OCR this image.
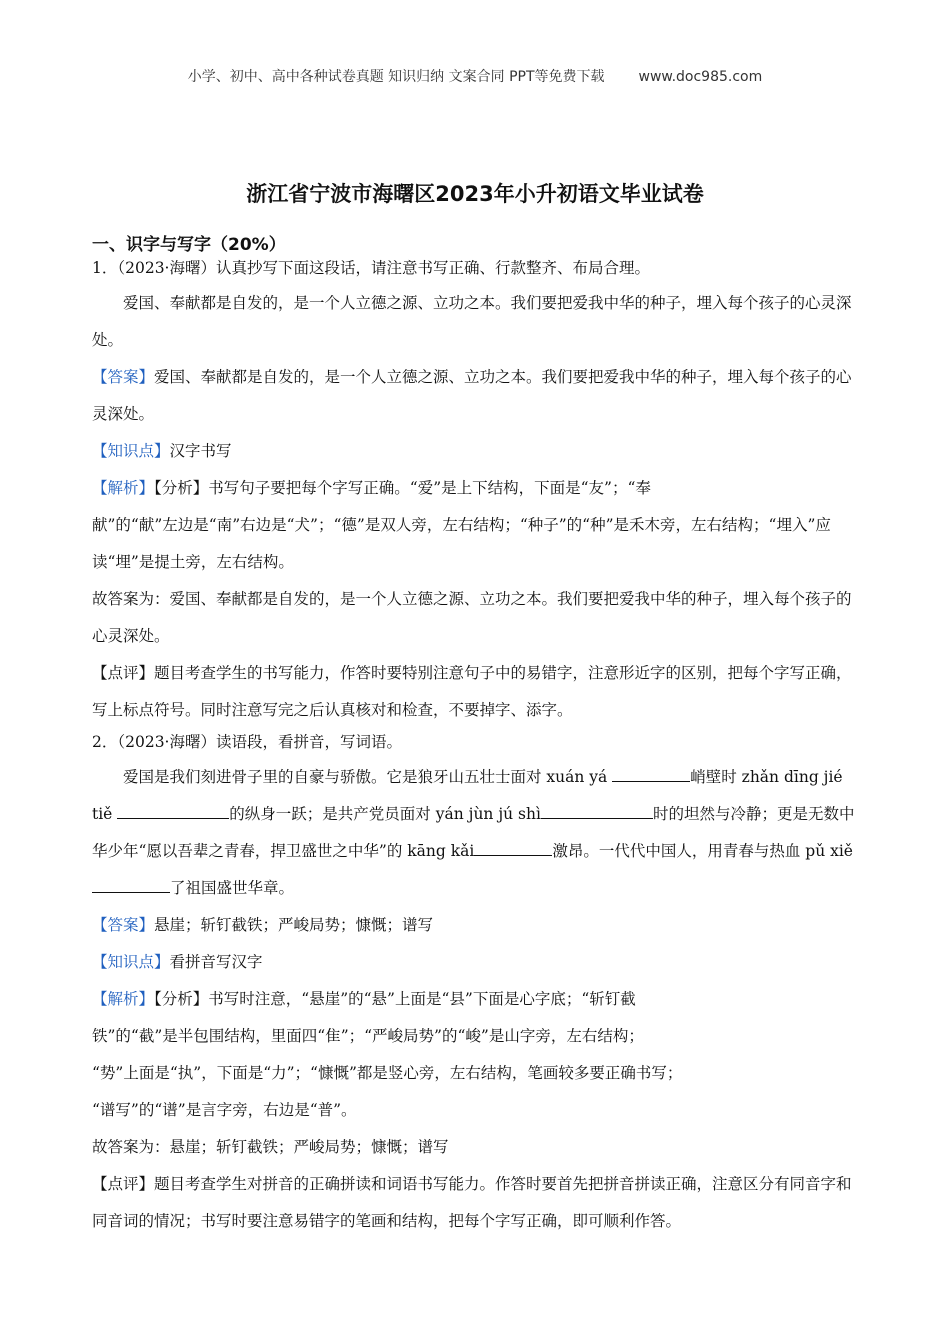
小学、初中、高中各种试卷真题 知识归纳 文案合同 PPT等免费下载 www.doc985.com
浙江省宁波市海曙区2023年小升初语文毕业试卷
一、识字与写字（20%）

1．（2023·海曙）认真抄写下面这段话，请注意书写正确、行款整齐、布局合理。

爱国、奉献都是自发的，是一个人立德之源、立功之本。我们要把爱我中华的种子，埋入每个孩子的心灵深处。

【答案】爱国、奉献都是自发的，是一个人立德之源、立功之本。我们要把爱我中华的种子，埋入每个孩子的心灵深处。

【知识点】汉字书写

【解析】【分析】书写句子要把每个字写正确。“爱”是上下结构，下面是“友”；“奉

献”的“献”左边是“南”右边是“犬”；“德”是双人旁，左右结构；“种子”的“种”是禾木旁，左右结构；“埋入”应读“埋”是提土旁，左右结构。

故答案为：爱国、奉献都是自发的，是一个人立德之源、立功之本。我们要把爱我中华的种子，埋入每个孩子的心灵深处。

【点评】题目考查学生的书写能力，作答时要特别注意句子中的易错字，注意形近字的区别，把每个字写正确，写上标点符号。同时注意写完之后认真核对和检查，不要掉字、添字。

2．（2023·海曙）读语段，看拼音，写词语。

爱国是我们刻进骨子里的自豪与骄傲。它是狼牙山五壮士面对 xuán yá	峭壁时 zhǎn dīng jié tiě	的纵身一跃；是共产党员面对 yán jùn jú shì	时的坦然与冷静；更是无数中华少年“愿以吾辈之青春，捍卫盛世之中华”的 kāng kǎi	激昂。一代代中国人，用青春与热血 pǔ xiě 了祖国盛世华章。

【答案】悬崖；斩钉截铁；严峻局势；慷慨；谱写

【知识点】看拼音写汉字

【解析】【分析】书写时注意，“悬崖”的“悬”上面是“县”下面是心字底；“斩钉截

铁”的“截”是半包围结构，里面四“隹”；“严峻局势”的“峻”是山字旁，左右结构；

“势”上面是“执”，下面是“力”；“慷慨”都是竖心旁，左右结构，笔画较多要正确书写；

“谱写”的“谱”是言字旁，右边是“普”。

故答案为：悬崖；斩钉截铁；严峻局势；慷慨；谱写

【点评】题目考查学生对拼音的正确拼读和词语书写能力。作答时要首先把拼音拼读正确，注意区分有同音字和同音词的情况；书写时要注意易错字的笔画和结构，把每个字写正确，即可顺利作答。
